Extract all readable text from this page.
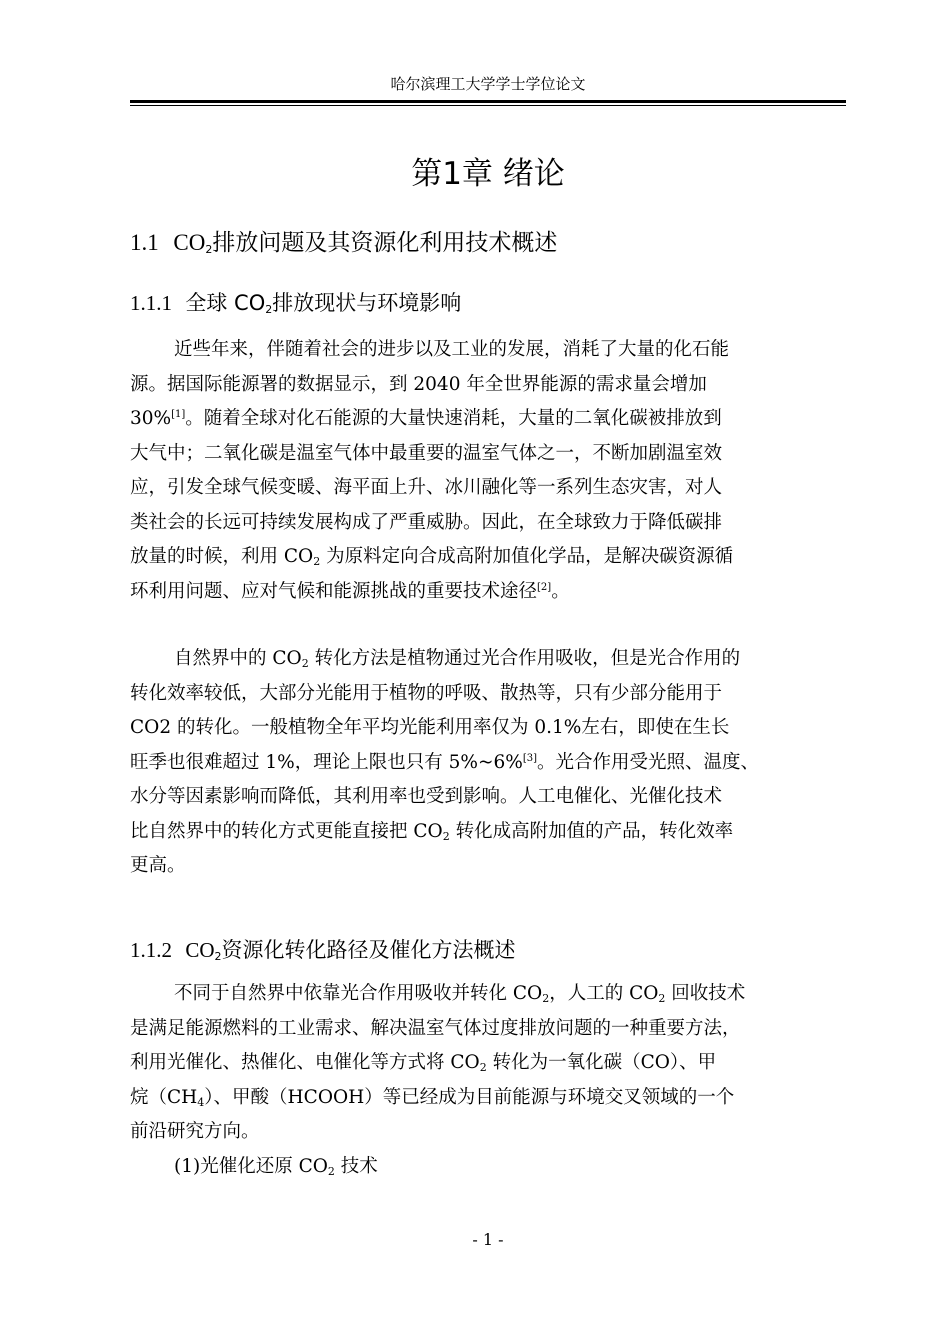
哈尔滨理工大学学士学位论文
第1章 绪论
1.1 $CO_2$排放问题及其资源化利用技术概述
1.1.1 全球 $CO_2$排放现状与环境影响
近些年来，伴随着社会的进步以及工业的发展，消耗了大量的化石能
源。据国际能源署的数据显示，到 2040 年全世界能源的需求量会增加
30%[1]。随着全球对化石能源的大量快速消耗，大量的二氧化碳被排放到
大气中；二氧化碳是温室气体中最重要的温室气体之一，不断加剧温室效
应，引发全球气候变暖、海平面上升、冰川融化等一系列生态灾害，对人
类社会的长远可持续发展构成了严重威胁。因此，在全球致力于降低碳排
放量的时候，利用 $CO_2$ 为原料定向合成高附加值化学品，是解决碳资源循
环利用问题、应对气候和能源挑战的重要技术途径[2]。
自然界中的 $CO_2$ 转化方法是植物通过光合作用吸收，但是光合作用的
转化效率较低，大部分光能用于植物的呼吸、散热等，只有少部分能用于
CO2 的转化。一般植物全年平均光能利用率仅为 0.1%左右，即使在生长
旺季也很难超过 1%，理论上限也只有 5%~6%[3]。光合作用受光照、温度、
水分等因素影响而降低，其利用率也受到影响。人工电催化、光催化技术
比自然界中的转化方式更能直接把 $CO_2$ 转化成高附加值的产品，转化效率
更高。
1.1.2 $CO_2$资源化转化路径及催化方法概述
不同于自然界中依靠光合作用吸收并转化 $CO_2$，人工的 $CO_2$ 回收技术
是满足能源燃料的工业需求、解决温室气体过度排放问题的一种重要方法，
利用光催化、热催化、电催化等方式将 $CO_2$ 转化为一氧化碳（CO）、甲
烷$(CH_4)$、甲酸（HCOOH）等已经成为目前能源与环境交叉领域的一个
前沿研究方向。
(1)光催化还原 $CO_2$ 技术
- 1 -
